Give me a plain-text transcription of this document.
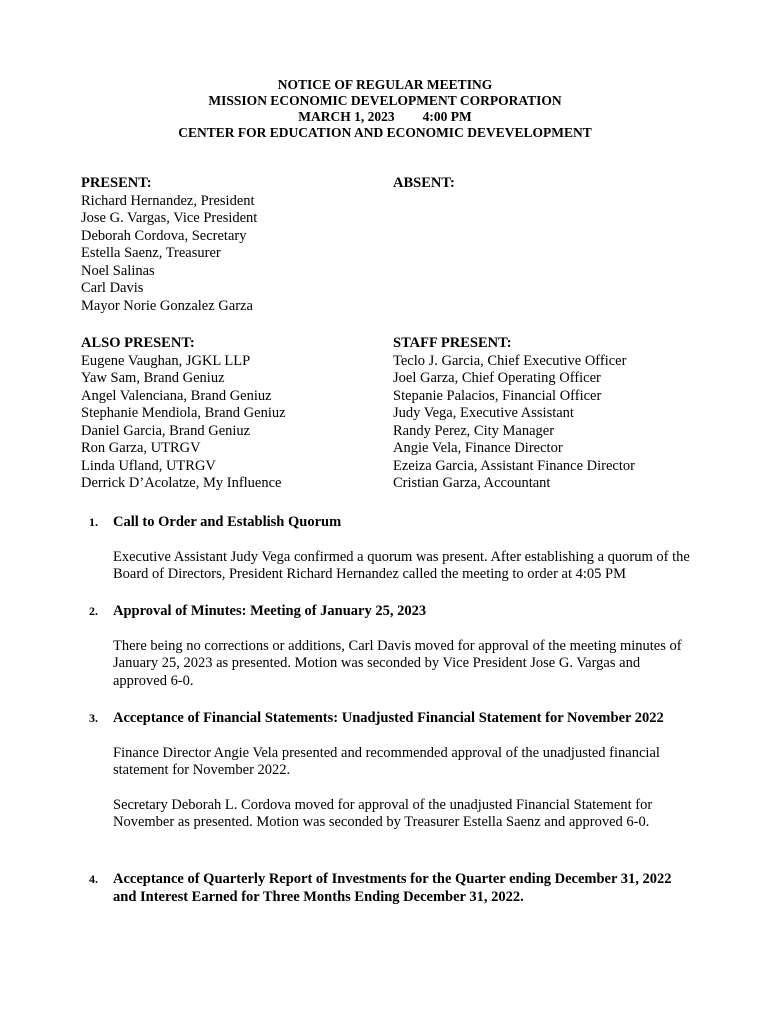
NOTICE OF REGULAR MEETING
MISSION ECONOMIC DEVELOPMENT CORPORATION
MARCH 1, 2023 4:00 PM
CENTER FOR EDUCATION AND ECONOMIC DEVEVELOPMENT
PRESENT:
Richard Hernandez, President
Jose G. Vargas, Vice President
Deborah Cordova, Secretary
Estella Saenz, Treasurer
Noel Salinas
Carl Davis
Mayor Norie Gonzalez Garza
ABSENT:
ALSO PRESENT:
Eugene Vaughan, JGKL LLP
Yaw Sam, Brand Geniuz
Angel Valenciana, Brand Geniuz
Stephanie Mendiola, Brand Geniuz
Daniel Garcia, Brand Geniuz
Ron Garza, UTRGV
Linda Ufland, UTRGV
Derrick D’Acolatze, My Influence
STAFF PRESENT:
Teclo J. Garcia, Chief Executive Officer
Joel Garza, Chief Operating Officer
Stepanie Palacios, Financial Officer
Judy Vega, Executive Assistant
Randy Perez, City Manager
Angie Vela, Finance Director
Ezeiza Garcia, Assistant Finance Director
Cristian Garza, Accountant
1.	Call to Order and Establish Quorum
Executive Assistant Judy Vega confirmed a quorum was present. After establishing a quorum of the Board of Directors, President Richard Hernandez called the meeting to order at 4:05 PM
2.	Approval of Minutes: Meeting of January 25, 2023
There being no corrections or additions, Carl Davis moved for approval of the meeting minutes of January 25, 2023 as presented. Motion was seconded by Vice President Jose G. Vargas and approved 6-0.
3.	Acceptance of Financial Statements: Unadjusted Financial Statement for November 2022
Finance Director Angie Vela presented and recommended approval of the unadjusted financial statement for November 2022.
Secretary Deborah L. Cordova moved for approval of the unadjusted Financial Statement for November as presented. Motion was seconded by Treasurer Estella Saenz and approved 6-0.
4.	Acceptance of Quarterly Report of Investments for the Quarter ending December 31, 2022 and Interest Earned for Three Months Ending December 31, 2022.
